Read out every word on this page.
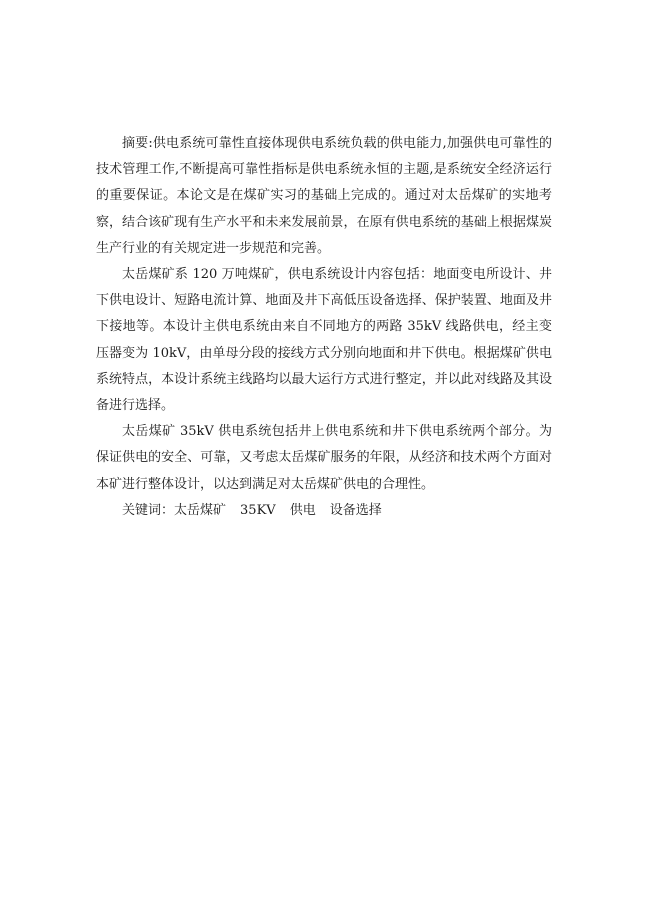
摘要:供电系统可靠性直接体现供电系统负载的供电能力,加强供电可靠性的技术管理工作,不断提高可靠性指标是供电系统永恒的主题,是系统安全经济运行的重要保证。本论文是在煤矿实习的基础上完成的。通过对太岳煤矿的实地考察，结合该矿现有生产水平和未来发展前景，在原有供电系统的基础上根据煤炭生产行业的有关规定进一步规范和完善。

太岳煤矿系 120 万吨煤矿，供电系统设计内容包括：地面变电所设计、井下供电设计、短路电流计算、地面及井下高低压设备选择、保护装置、地面及井下接地等。本设计主供电系统由来自不同地方的两路 35kV 线路供电，经主变压器变为 10kV，由单母分段的接线方式分别向地面和井下供电。根据煤矿供电系统特点，本设计系统主线路均以最大运行方式进行整定，并以此对线路及其设备进行选择。

太岳煤矿 35kV 供电系统包括井上供电系统和井下供电系统两个部分。为保证供电的安全、可靠，又考虑太岳煤矿服务的年限，从经济和技术两个方面对本矿进行整体设计，以达到满足对太岳煤矿供电的合理性。

关键词：太岳煤矿 35KV 供电 设备选择
